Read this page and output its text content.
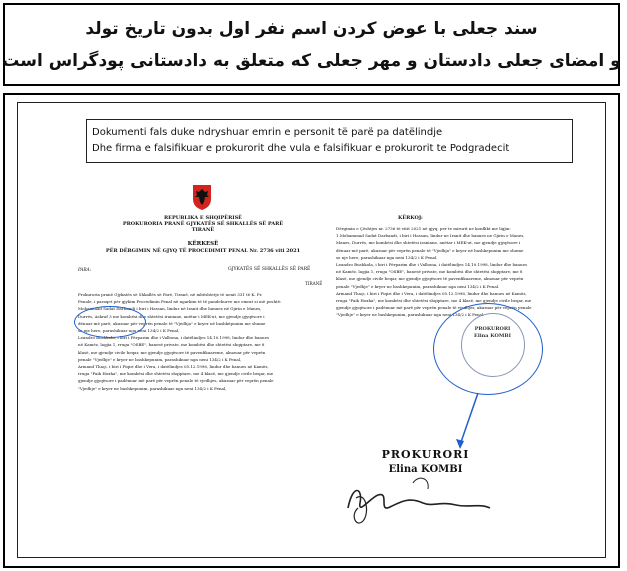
سند جعلی با عوض کردن اسم نفر اول بدون تاریخ تولد
و امضای جعلی دادستان و مهر جعلی که متعلق به دادستانی پودگراس است
Dokumenti fals duke ndryshuar emrin e personit të parë pa datëlindje
Dhe firma e falsifikuar e prokurorit dhe vula e falsifikuar e prokurorit te Podgradecit
REPUBLIKA E SHQIPËRISË
PROKURORIA PRANË GJYKATËS SË SHKALLËS SË PARË
TIRANË
KËRKESË
PËR DËRGIMIN NË GJYQ TË PROCEDIMIT PENAL Nr. 2736 viti 2021
PARA:	GJYKATËS SË SHKALLËS SË PARË
TIRANË
Prokuroria pranë Gjykatës së Shkallës së Parë, Tiranë, në mbështetje të nenit 331 të K. Pr.
Penale, i paraqet për gjykim Procedimin Penal në ngarkim të të pandehurve me emrat si më poshtë:
Mohammad Sadat Darbandi i biri i Hassan, lindur në Iranit dhe banues në Gjirin e Manes,
Durrës, Ashraf 3 me kombësi dhe shtetësi iraniane, anëtar i MEK-ut, me gjendje gjyqësore i
dënuar më parë, akuzuar për veprën penale të "Vjedhja" e kryer në bashkëpunim me shume
se nje here, parashikuar nga neni 134/2 i K Penal,
Leandro Bushkola, i biri i Përparim dhe i Valbona, i datëlindjes 14.10.1998, lindur dhe banues
në Kamëz, lagjia 1, rruga "OSBE", banesë private, me kombësi dhe shtetësi shqiptare, me 8
klasë, me gjendje civile beqar, me gjendje gjyqësore të pavenfikuareme, akuzuar për veprën
penale "Vjedhje" e kryer ne bashkepunim, parashikuar nga neni 134/2 i K Penal,
Armand Thaçi, i biri i Fiqiri dhe i Vera, i datëlindjes 05.12.1996, lindur dhe banues në Kamëz,
rruga "Faik Hoxha", me kombësi dhe shtetësi shqiptare, me 4 klasë, me gjendje civile beqar, me
gjendje gjyqësore i padënuar më parë për veprën penale të vjedhjes, akuzuar për veprën penale
"Vjedhje" e kryer ne bashkepunim, parashikuar nga neni 134/2 i K Penal,
KËRKOJ:
Dërgimin e Çështjes nr. 2736 të vitit 2021 në gjyq, per te mirurit ne konflikt me ligjin:
1.Mohammad Sadat Darbandi, i biri i Hassan, lindur ne Iranit dhe banues ne Gjirin e Manes,
Manes, Durrës, me kombësi dhe shtetësi iraniane, anëtar i MEK-ut, me gjendje gjyqësore i
dënuar më parë, akuzuar për veprën penale të "Vjedhja" e kryer në bashkepunim me shume
se nje here, parashikuar nga neni 134/2 i K Penal.
Leandro Bushkola, i biri i Përparim dhe i Valbona, i datëlindjes 14.10.1998, lindur dhe banues
në Kamëz, lagjia 1, rruga "OSBE", banesë private, me kombësi dhe shtetësi shqiptare, me 8
klasë, me gjendje civile beqar, me gjendje gjyqësore të pavenfikuareme, akuzuar për veprën
penale "Vjedhje" e kryer ne bashkepunim, parashikuar nga neni 134/2 i K Penal.
Armand Thaçi, i biri i Fiqiri dhe i Vera, i datëlindjes 05.12.1996, lindur dhe banues në Kamëz,
rruga "Faik Hoxha", me kombësi dhe shtetësi shqiptare, me 4 klasë, me gjendje civile beqar, me
gjendje gjyqësore i padënuar më parë për veprën penale të vjedhjes, akuzuar për veprën penale
"Vjedhje" e kryer ne bashkepunim, parashikuar nga neni 134/2 i K Penal.
PROKURORI
Elina KOMBI
PROKURORI
Elina KOMBI
